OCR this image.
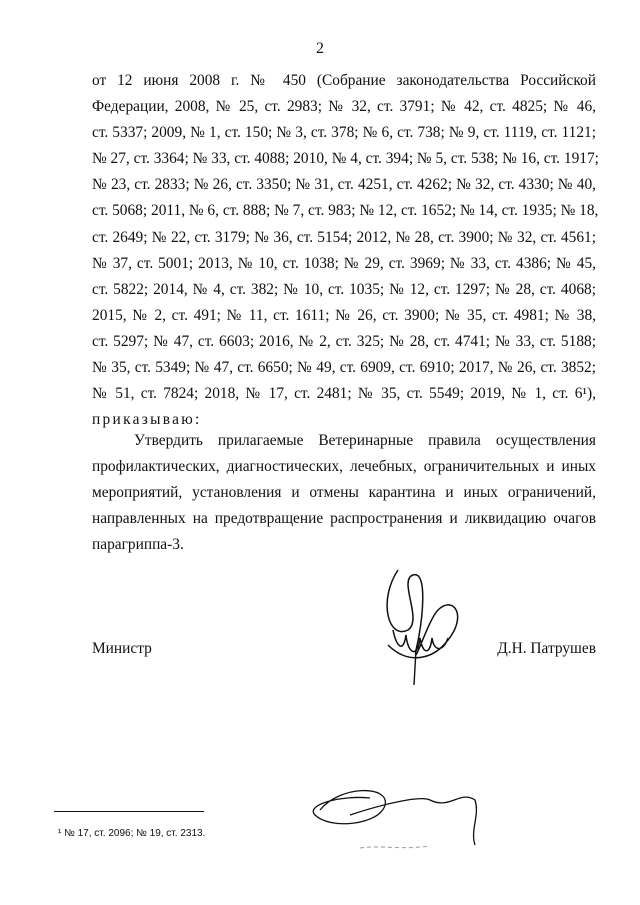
2
от 12 июня 2008 г. № 450 (Собрание законодательства Российской
Федерации, 2008, № 25, ст. 2983; № 32, ст. 3791; № 42, ст. 4825; № 46,
ст. 5337; 2009, № 1, ст. 150; № 3, ст. 378; № 6, ст. 738; № 9, ст. 1119, ст. 1121;
№ 27, ст. 3364; № 33, ст. 4088; 2010, № 4, ст. 394; № 5, ст. 538; № 16, ст. 1917;
№ 23, ст. 2833; № 26, ст. 3350; № 31, ст. 4251, ст. 4262; № 32, ст. 4330; № 40,
ст. 5068; 2011, № 6, ст. 888; № 7, ст. 983; № 12, ст. 1652; № 14, ст. 1935; № 18,
ст. 2649; № 22, ст. 3179; № 36, ст. 5154; 2012, № 28, ст. 3900; № 32, ст. 4561;
№ 37, ст. 5001; 2013, № 10, ст. 1038; № 29, ст. 3969; № 33, ст. 4386; № 45,
ст. 5822; 2014, № 4, ст. 382; № 10, ст. 1035; № 12, ст. 1297; № 28, ст. 4068;
2015, № 2, ст. 491; № 11, ст. 1611; № 26, ст. 3900; № 35, ст. 4981; № 38,
ст. 5297; № 47, ст. 6603; 2016, № 2, ст. 325; № 28, ст. 4741; № 33, ст. 5188;
№ 35, ст. 5349; № 47, ст. 6650; № 49, ст. 6909, ст. 6910; 2017, № 26, ст. 3852;
№ 51, ст. 7824; 2018, № 17, ст. 2481; № 35, ст. 5549; 2019, № 1, ст. 6¹),
приказываю:
Утвердить прилагаемые Ветеринарные правила осуществления
профилактических, диагностических, лечебных, ограничительных и иных
мероприятий, установления и отмены карантина и иных ограничений,
направленных на предотвращение распространения и ликвидацию очагов
парагриппа-3.
Министр	Д.Н. Патрушев
¹ № 17, ст. 2096; № 19, ст. 2313.
